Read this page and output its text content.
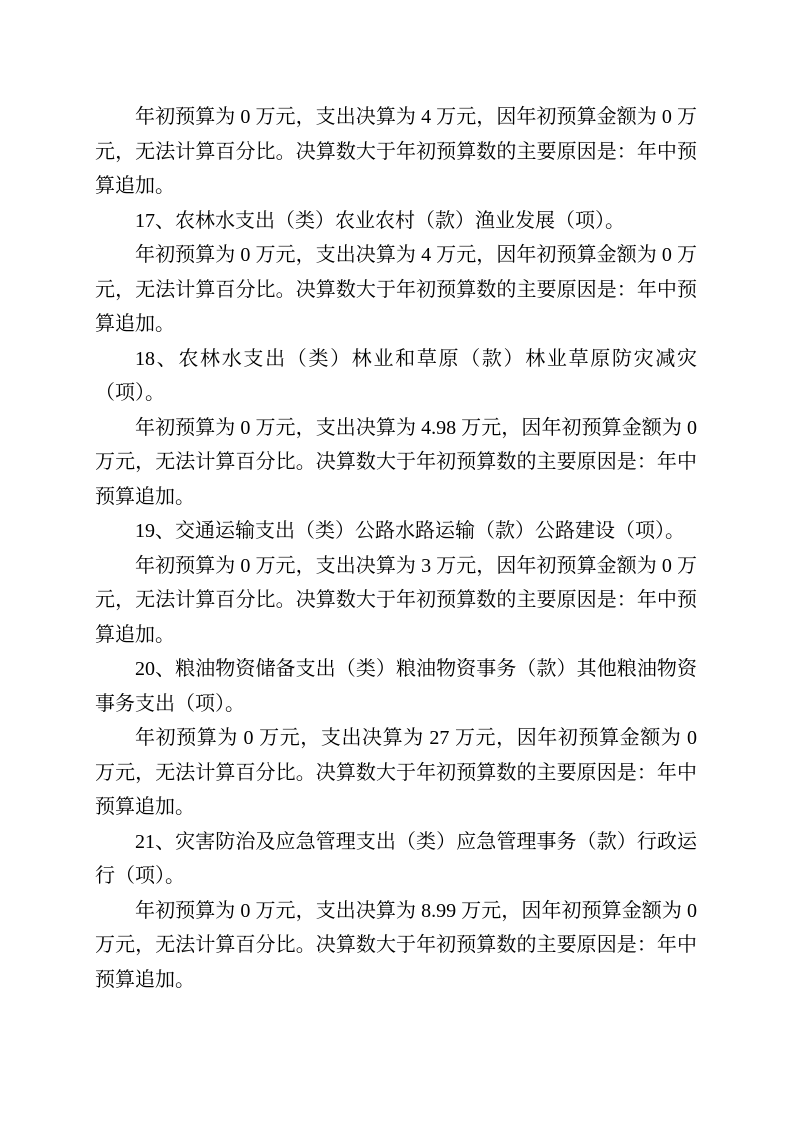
年初预算为 0 万元，支出决算为 4 万元，因年初预算金额为 0 万元，无法计算百分比。决算数大于年初预算数的主要原因是：年中预算追加。

17、农林水支出（类）农业农村（款）渔业发展（项）。

年初预算为 0 万元，支出决算为 4 万元，因年初预算金额为 0 万元，无法计算百分比。决算数大于年初预算数的主要原因是：年中预算追加。

18、农林水支出（类）林业和草原（款）林业草原防灾减灾（项）。

年初预算为 0 万元，支出决算为 4.98 万元，因年初预算金额为 0 万元，无法计算百分比。决算数大于年初预算数的主要原因是：年中预算追加。

19、交通运输支出（类）公路水路运输（款）公路建设（项）。

年初预算为 0 万元，支出决算为 3 万元，因年初预算金额为 0 万元，无法计算百分比。决算数大于年初预算数的主要原因是：年中预算追加。

20、粮油物资储备支出（类）粮油物资事务（款）其他粮油物资事务支出（项）。

年初预算为 0 万元，支出决算为 27 万元，因年初预算金额为 0 万元，无法计算百分比。决算数大于年初预算数的主要原因是：年中预算追加。

21、灾害防治及应急管理支出（类）应急管理事务（款）行政运行（项）。

年初预算为 0 万元，支出决算为 8.99 万元，因年初预算金额为 0 万元，无法计算百分比。决算数大于年初预算数的主要原因是：年中预算追加。
